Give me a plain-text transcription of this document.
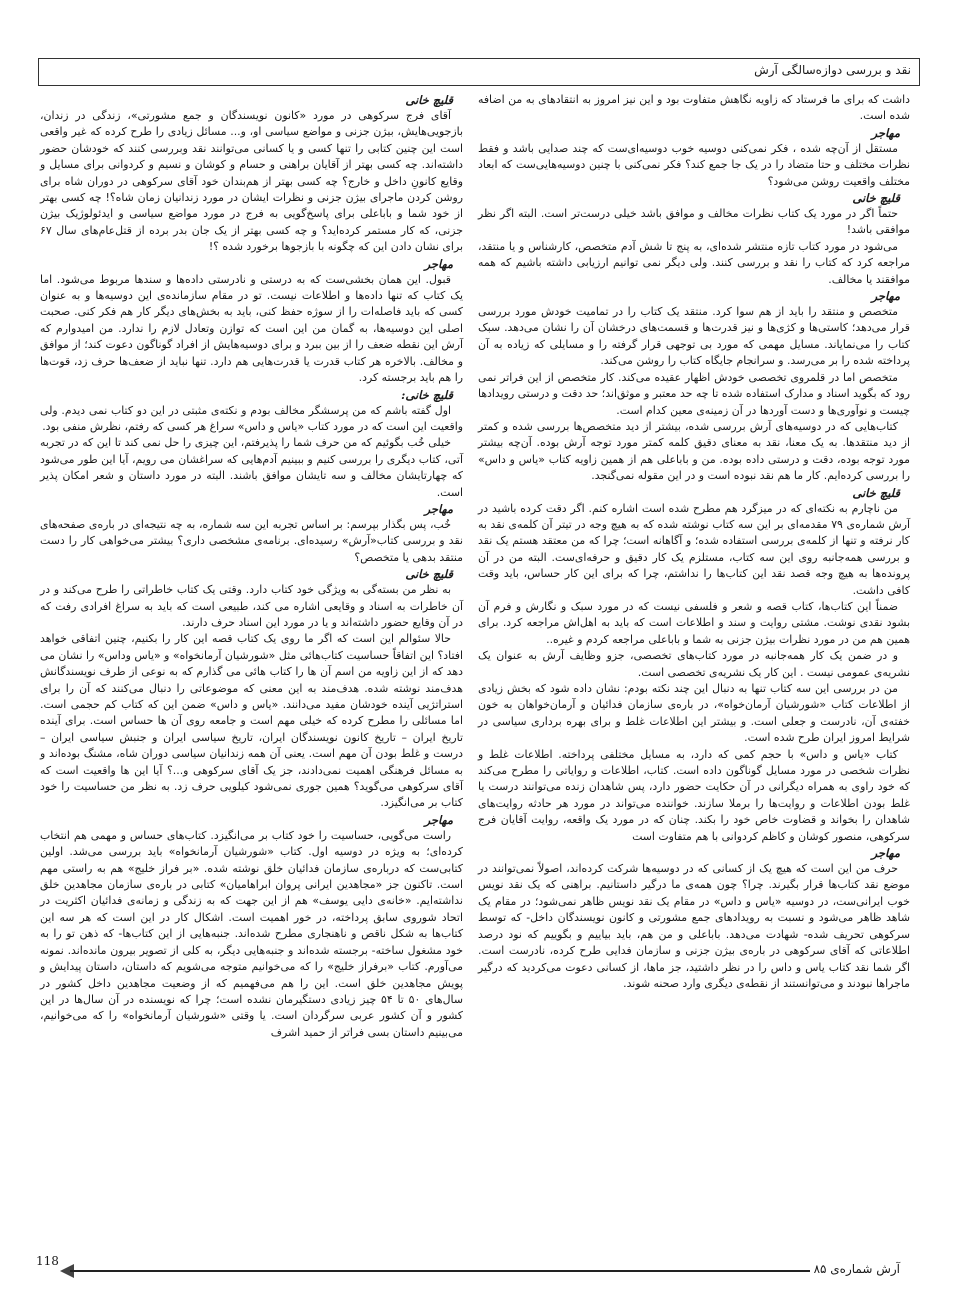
نقد و بررسی دوازه‌سالگی آرش

داشت که برای ما فرستاد که زاویه نگاهش متفاوت بود و این نیز امروز به انتقادهای به من اضافه شده است.

مهاجر

مستقل از آن‌چه شده ، فکر نمی‌کنی دوسیه خوب دوسیه‌ای‌ست که چند صدایی باشد و فقط نظرات مختلف و حتا متضاد را در یک جا جمع کند؟ فکر نمی‌کنی با چنین دوسیه‌هایی‌ست که ابعاد مختلف واقعیت روشن می‌شود؟

قلیچ خانی

حتماً اگر در مورد یک کتاب نظرات مخالف و موافق باشد خیلی درست‌تر است. البته اگر نظر موافقی باشد!

می‌شود در مورد کتاب تازه منتشر شده‌ای، به پنج تا شش آدم متخصص، کارشناس و یا منتقد، مراجعه کرد که کتاب را نقد و بررسی کنند. ولی دیگر نمی توانیم ارزیابی داشته باشیم که همه موافقند یا مخالف.

مهاجر

متخصص و منتقد را باید از هم سوا کرد. منتقد یک کتاب را در تمامیت خودش مورد بررسی قرار می‌دهد؛ کاستی‌ها و کژی‌ها و نیز قدرت‌ها و قسمت‌های درخشان آن را نشان می‌دهد. سبک کتاب را می‌نمایاند. مسایل مهمی که مورد بی توجهی قرار گرفته را و مسایلی که زیاده به آن پرداخته شده را بر می‌رسد. و سرانجام جایگاه کتاب را روشن می‌کند.

متخصص اما در قلمروی تخصصی خودش اظهار عقیده می‌کند. کار متخصص از این فراتر نمی رود که بگوید اسناد و مدارک استفاده شده تا چه حد معتبر و موثق‌اند؛ حد دقت و درستی رویدادها چیست و نوآوری‌ها و دست آوردها در آن زمینه‌ی معین کدام است.

کتاب‌هایی که در دوسیه‌های آرش بررسی شده، بیشتر از دید متخصص‌ها بررسی شده و کمتر از دید منتقدها. به یک معنا، نقد به معنای دقیق کلمه کمتر مورد توجه آرش بوده. آن‌چه بیشتر مورد توجه بوده، دقت و درستی داده بوده. من و باباعلی هم از همین زاویه کتاب «یاس و داس» را بررسی کرده‌ایم. کار ما هم نقد نبوده است و در این مقوله نمی‌گنجد.

قلیچ خانی

من ناچارم به نکته‌ای که در میزگرد هم مطرح شده است اشاره کنم. اگر دقت کرده باشید در آرش شماره‌ی ۷۹ مقدمه‌ای بر این سه کتاب نوشته شده که به هیچ وجه در تیتر آن کلمه‌ی نقد به کار نرفته و تنها از کلمه‌ی بررسی استفاده شده؛ و آگاهانه است؛ چرا که من معتقد هستم یک نقد و بررسی همه‌جانبه روی این سه کتاب، مستلزم یک کار دقیق و حرفه‌ای‌ست. البته من در آن پرونده‌ها به هیچ وجه قصد نقد این کتاب‌ها را نداشتم، چرا که برای این کار حساس، باید وقت کافی داشت.

ضمناً این کتاب‌ها، کتاب قصه و شعر و فلسفی نیست که در مورد سبک و نگارش و فرم آن بشود نقدی نوشت. مشتی روایت و سند و اطلاعات است که باید به اهل‌اش مراجعه کرد. برای همین هم من در مورد نظرات بیژن جزنی به شما و باباعلی مراجعه کردم و غیره..

و در ضمن یک کار همه‌جانبه در مورد کتاب‌های تخصصی، جزو وظایف آرش به عنوان یک نشریه‌ی عمومی نیست . این کار یک نشریه‌ی تخصصی است.

من در بررسی این سه کتاب تنها به دنبال این چند نکته بودم: نشان داده شود که بخش زیادی از اطلاعات کتاب «شورشیان آرمان‌خواه»، در باره‌ی سازمان فدائیان و آرمان‌خواهان به خون خفته‌ی آن، نادرست و جعلی است. و بیشتر این اطلاعات غلط و برای بهره برداری سیاسی در شرایط امروز ایران طرح شده است.

کتاب «یاس و داس» با حجم کمی که دارد، به مسایل مختلفی پرداخته. اطلاعات غلط و نظرات شخصی در مورد مسایل گوناگون داده است. کتاب، اطلاعات و روایاتی را مطرح می‌کند که خود راوی به همراه دیگرانی در آن حکایت حضور دارد، پس شاهدان زنده می‌توانند درست یا غلط بودن اطلاعات و روایت‌ها را برملا سازند. خواننده می‌تواند در مورد هر حادثه روایت‌های شاهدان را بخواند و قضاوت خاص خود را بکند. چنان که در مورد یک واقعه، روایت آقایان فرج سرکوهی، منصور کوشان و کاظم کردوانی با هم متفاوت است

مهاجر

حرف من این است که هیچ یک از کسانی که در دوسیه‌ها شرکت کرده‌اند، اصولاً نمی‌توانند در موضع نقد کتاب‌ها قرار بگیرند. چرا؟ چون همه‌ی ما درگیر داستانیم. براهنی که یک نقد نویس خوب ایرانی‌ست، در دوسیه «یاس و داس» در مقام یک نقد نویس ظاهر نمی‌شود؛ در مقام یک شاهد ظاهر می‌شود و نسبت به رویدادهای جمع مشورتی و کانون نویسندگان داخل- که توسط سرکوهی تحریف شده- شهادت می‌دهد. باباعلی و من هم، باید بیاییم و بگوییم که نود درصد اطلاعاتی که آقای سرکوهی در باره‌ی بیژن جزنی و سازمان فدایی طرح کرده، نادرست است. اگر شما نقد کتاب یاس و داس را در نظر داشتید، جز ماها، از کسانی دعوت می‌کردید که درگیر ماجراها نبودند و می‌توانستند از نقطه‌ی دیگری وارد صحنه شوند.

قلیچ خانی

آقای فرج سرکوهی در مورد «کانون نویسندگان و جمع مشورتی»، زندگی در زندان، بازجویی‌هایش، بیژن جزنی و مواضع سیاسی او، و... مسائل زیادی را طرح کرده که غیر واقعی است این چنین کتابی را تنها کسی و یا کسانی می‌توانند نقد وبررسی کنند که خودشان حضور داشته‌اند. چه کسی بهتر از آقایان براهنی و حسام و کوشان و نسیم و کردوانی برای مسایل و وقایع کانونِ داخل و خارج؟ چه کسی بهتر از هم‌بندان خود آقای سرکوهی در دوران شاه برای روشن کردن ماجرای بیژن جزنی و نظرات ایشان در مورد زندانیان زمان شاه؟! چه کسی بهتر از خود شما و باباعلی برای پاسخ‌گویی به فرج در مورد مواضع سیاسی و ایدئولوژیک بیژن جزنی، که کار مستمر کرده‌اید؟ و چه کسی بهتر از یک جان بدر برده از قتل‌عام‌های سال ۶۷ برای نشان دادن این که چگونه با بازجوها برخورد شده ؟!

مهاجر

قبول. این همان بخشی‌ست که به درستی و نادرستی داده‌ها و سندها مربوط می‌شود. اما یک کتاب که تنها داده‌ها و اطلاعات نیست. تو در مقام سازمانده‌ی این دوسیه‌ها و به عنوان کسی که باید فاصله‌ات را از سوژه حفظ کنی، باید به بخش‌های دیگر کار هم فکر کنی. صحبت اصلی این دوسیه‌ها، به گمان من این است که توازن وتعادل لازم را ندارد. من امیدوارم که آرش این نقطه ضعف را از بین ببرد و برای دوسیه‌هایش از افراد گوناگون دعوت کند؛ از موافق و مخالف. بالاخره هر کتاب قدرت یا قدرت‌هایی هم دارد. تنها نباید از ضعف‌ها حرف زد، قوت‌ها را هم باید برجسته کرد.

قلیچ خانی:

اول گفته باشم که من پرسشگر مخالف بودم و نکته‌ی مثبتی در این دو کتاب نمی دیدم. ولی واقعیت این است که در مورد کتاب «یاس و داس» سراغ هر کسی که رفتم، نظرش منفی بود.

خیلی خُب بگوئیم که من حرف شما را پذیرفتم، این چیزی را حل نمی کند تا این که در تجربه آتی، کتاب دیگری را بررسی کنیم و ببینیم آدم‌هایی که سراغشان می رویم، آیا این طور می‌شود که چهارتایشان مخالف و سه تایشان موافق باشند. البته در مورد داستان و شعر امکان پذیر است.

مهاجر

خُب، پس بگذار بپرسم: بر اساس تجربه این سه شماره، به چه نتیجه‌ای در باره‌ی صفحه‌های نقد و بررسی کتاب«آرش» رسیده‌ای. برنامه‌ی مشخصی داری؟ بیشتر می‌خواهی کار را دست منتقد بدهی یا متخصص؟

قلیچ خانی

به نظر من بسته‌گی به ویژگی خود کتاب دارد. وقتی یک کتاب خاطراتی را طرح می‌کند و در آن خاطرات به اسناد و وقایعی اشاره می کند، طبیعی است که باید به سراغ افرادی رفت که در آن وقایع حضور داشته‌اند و یا در مورد این اسناد حرف دارند.

حالا سئوالم این است که اگر ما روی یک کتاب قصه این کار را بکنیم، چنین اتفاقی خواهد افتاد؟ این اتفاقاً حساسیت کتاب‌هائی مثل «شورشیان آرمانخواه» و «یاس وداس» را نشان می دهد که از این زاویه من اسم آن ها را کتاب هائی می گذارم که به نوعی از طرف نویسندگانش هدف‌مند نوشته شده. هدف‌مند به این معنی که موضوعاتی را دنبال می‌کنند که آن را برای استراتژیی آینده خودشان مفید می‌دانند. «یاس و داس» ضمن این که کتاب کم حجمی است. اما مسائلی را مطرح کرده که خیلی مهم است و جامعه روی آن ها حساس است. برای آینده تاریخ ایران – تاریخ کانون نویسندگان ایران، تاریخ سیاسی ایران و جنبش سیاسی ایران – درست و غلط بودن آن مهم است. یعنی آن همه زندانیان سیاسی دوران شاه، مشنگ بوده‌اند و به مسائل فرهنگی اهمیت نمی‌دادند، جز یک آقای سرکوهی و...؟ آیا این ها واقعیت است که آقای سرکوهی می‌گوید؟ همین جوری نمی‌شود کیلویی حرف زد. به نظر من حساسیت را خود کتاب بر می‌انگیزد.

مهاجر

راست می‌گویی، حساسیت را خود کتاب بر می‌انگیزد. کتاب‌های حساس و مهمی هم انتخاب کرده‌ای؛ به ویژه در دوسیه اول. کتاب «شورشیان آرمانخواه» باید بررسی می‌شد. اولین کتابی‌ست که درباره‌ی سازمان فدائیان خلق نوشته شده. «بر فراز خلیج» هم به راستی مهم است. تاکنون جز «مجاهدین ایرانی پروان ابراهامیان» کتابی در باره‌ی سازمان مجاهدین خلق نداشته‌ایم. «خانه‌ی دایی یوسف» هم از این جهت که به زندگی و زمانه‌ی فدائیان اکثریت در اتحاد شوروی سابق پرداخته، در خور اهمیت است. اشکال کار در این است که هر سه این کتاب‌ها به شکل ناقص و ناهنجاری مطرح شده‌اند. جنبه‌هایی از این کتاب‌ها- که ذهن تو را به خود مشغول ساخته- برجسته شده‌اند و جنبه‌هایی دیگر، به کلی از تصویر بیرون مانده‌اند. نمونه می‌آورم. کتاب «برفراز خلیج» را که می‌خوانیم متوجه می‌شویم که داستان، داستان پیدایش و پویش مجاهدین خلق است. این را هم می‌فهمیم که از وضعیت مجاهدین داخل کشور در سال‌های ۵۰ تا ۵۴ چیز زیادی دستگیرمان نشده است؛ چرا که نویسنده در آن سال‌ها در این کشور و آن کشور عربی سرگردان است. یا وقتی «شورشیان آرمانخواه» را که می‌خوانیم، می‌بینیم داستان بسی فراتر از حمید اشرف

118
آرش شماره‌ی ۸۵
